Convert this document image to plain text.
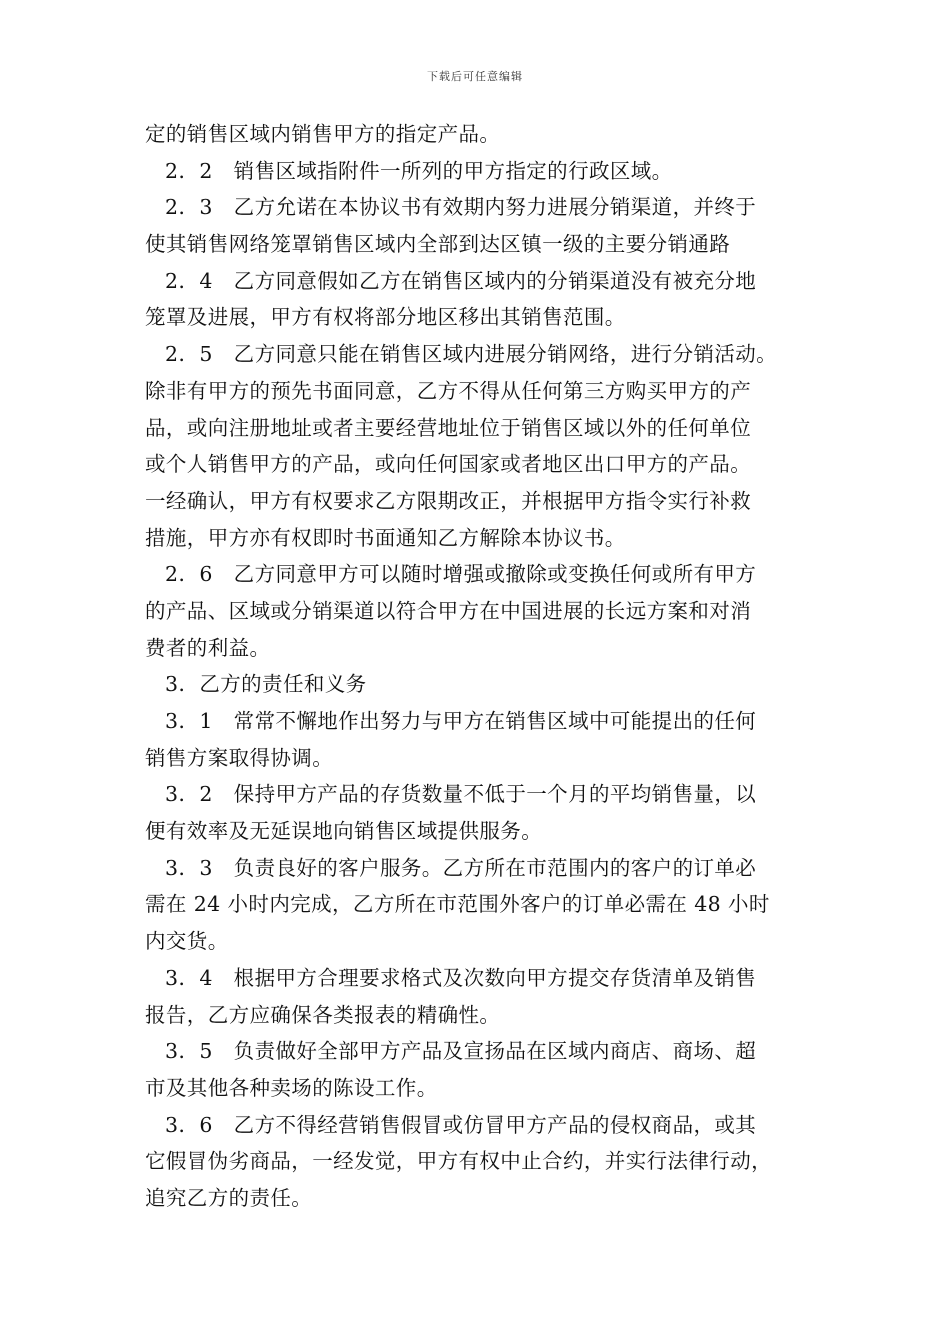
下载后可任意编辑
定的销售区域内销售甲方的指定产品。
2．2　销售区域指附件一所列的甲方指定的行政区域。
2．3　乙方允诺在本协议书有效期内努力进展分销渠道，并终于
使其销售网络笼罩销售区域内全部到达区镇一级的主要分销通路
2．4　乙方同意假如乙方在销售区域内的分销渠道没有被充分地
笼罩及进展，甲方有权将部分地区移出其销售范围。
2．5　乙方同意只能在销售区域内进展分销网络，进行分销活动。
除非有甲方的预先书面同意，乙方不得从任何第三方购买甲方的产
品，或向注册地址或者主要经营地址位于销售区域以外的任何单位
或个人销售甲方的产品，或向任何国家或者地区出口甲方的产品。
一经确认，甲方有权要求乙方限期改正，并根据甲方指令实行补救
措施，甲方亦有权即时书面通知乙方解除本协议书。
2．6　乙方同意甲方可以随时增强或撤除或变换任何或所有甲方
的产品、区域或分销渠道以符合甲方在中国进展的长远方案和对消
费者的利益。
3．乙方的责任和义务
3．1　常常不懈地作出努力与甲方在销售区域中可能提出的任何
销售方案取得协调。
3．2　保持甲方产品的存货数量不低于一个月的平均销售量，以
便有效率及无延误地向销售区域提供服务。
3．3　负责良好的客户服务。乙方所在市范围内的客户的订单必
需在 24 小时内完成，乙方所在市范围外客户的订单必需在 48 小时
内交货。
3．4　根据甲方合理要求格式及次数向甲方提交存货清单及销售
报告，乙方应确保各类报表的精确性。
3．5　负责做好全部甲方产品及宣扬品在区域内商店、商场、超
市及其他各种卖场的陈设工作。
3．6　乙方不得经营销售假冒或仿冒甲方产品的侵权商品，或其
它假冒伪劣商品，一经发觉，甲方有权中止合约，并实行法律行动，
追究乙方的责任。
